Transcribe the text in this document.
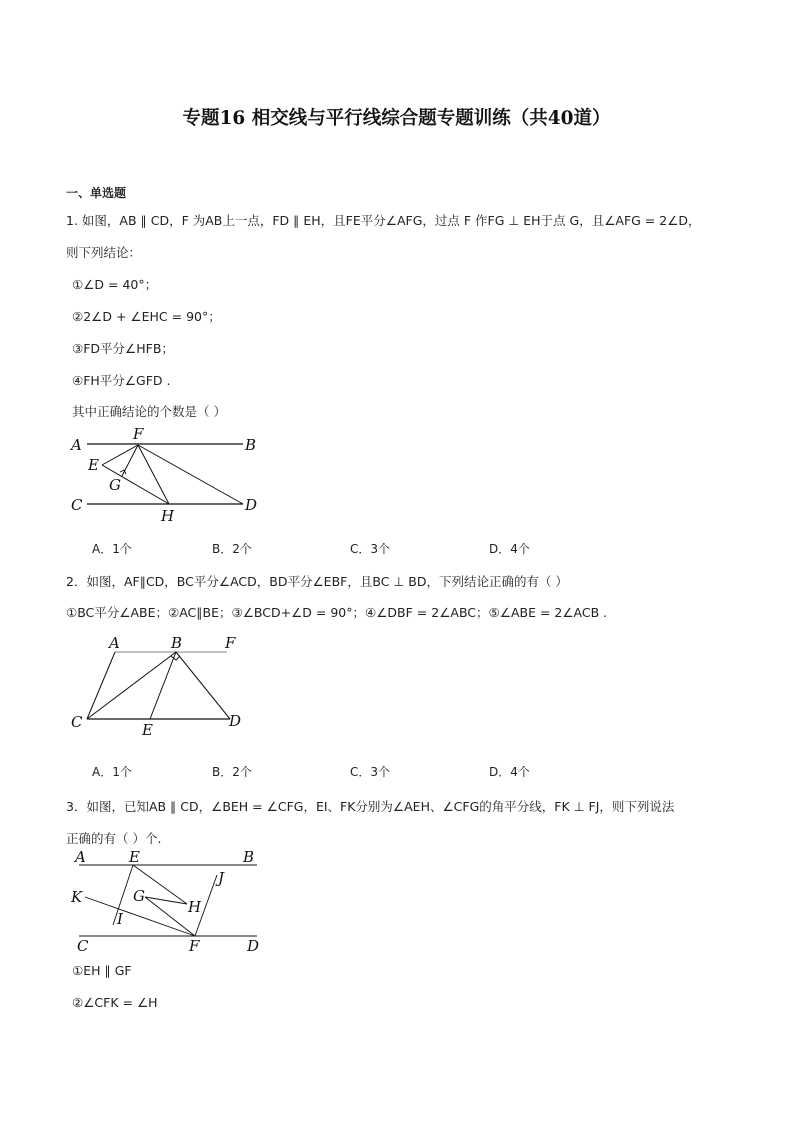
专题16 相交线与平行线综合题专题训练（共40道）
一、单选题
1. 如图，AB ∥ CD，F 为AB上一点，FD ∥ EH，且FE平分∠AFG，过点 F 作FG ⊥ EH于点 G，且∠AFG = 2∠D，
则下列结论：
①∠D = 40°；
②2∠D + ∠EHC = 90°；
③FD平分∠HFB；
④FH平分∠GFD .
其中正确结论的个数是（ ）
A
F
B
E
G
C
H
D
A．1个	B．2个	C．3个	D．4个
2．如图，AF∥CD，BC平分∠ACD，BD平分∠EBF，且BC ⊥ BD，下列结论正确的有（ ）
①BC平分∠ABE；②AC∥BE；③∠BCD+∠D = 90°；④∠DBF = 2∠ABC；⑤∠ABE = 2∠ACB .
A	B	F
C	E	D
A．1个	B．2个	C．3个	D．4个
3．如图，已知AB ∥ CD，∠BEH = ∠CFG，EI、FK分别为∠AEH、∠CFG的角平分线，FK ⊥ FJ，则下列说法
正确的有（ ）个.
A	E	B
J
K	G
H
I
C	F	D
①EH ∥ GF
②∠CFK = ∠H
